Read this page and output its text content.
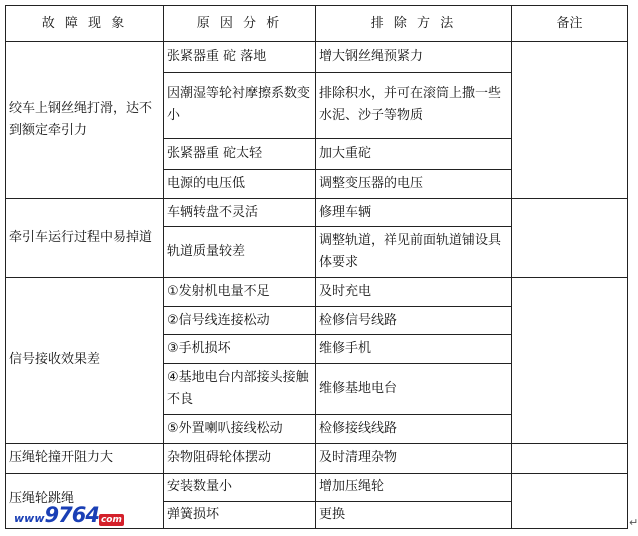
故 障 现 象	原 因 分 析	排 除 方 法	备注
绞车上钢丝绳打滑，达不到额定牵引力	张紧器重 砣 落地	增大钢丝绳预紧力	
	因潮湿等轮衬摩擦系数变小	排除积水，并可在滚筒上撒一些水泥、沙子等物质	
	张紧器重 砣太轻	加大重砣	
	电源的电压低	调整变压器的电压	
牵引车运行过程中易掉道	车辆转盘不灵活	修理车辆	
	轨道质量较差	调整轨道，祥见前面轨道铺设具体要求	
信号接收效果差	①发射机电量不足	及时充电	
	②信号线连接松动	检修信号线路	
	③手机损坏	维修手机	
	④基地电台内部接头接触不良	维修基地电台	
	⑤外置喇叭接线松动	检修接线线路	
压绳轮撞开阻力大	杂物阻碍轮体摆动	及时清理杂物	
压绳轮跳绳	安装数量小	增加压绳轮	
	弹簧损坏	更换	
www9764 com	↵
